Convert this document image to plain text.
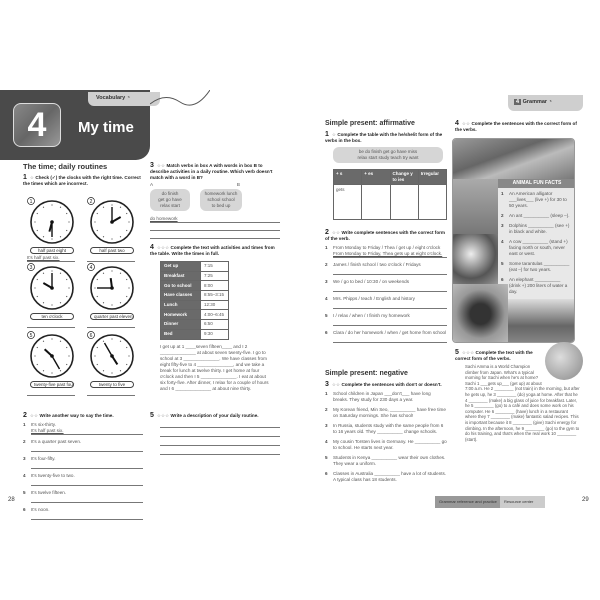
Vocabulary ◔
4	My time
The time; daily routines
1 ☆ Check (✓) the clocks with the right time. Correct the times which are incorrect.
1
half past eight
It's half past six.
2
half past two
3
ten o'clock
4
quarter past eleven
5
twenty-five past four
6
twenty to five
2 ☆☆ Write another way to say the time.
1	It's six-thirty.
It's half past six.
2	It's a quarter past seven.
3	It's four-fifty.
4	It's twenty-five to two.
5	It's twelve fifteen.
6	It's noon.
3 ☆☆ Match verbs in box A with words in box B to describe activities in a daily routine. Which verb doesn't match with a word in B?
A	B
do finish
get go have
relax start
homework lunch
school school
to bed up
do homework
4 ☆☆☆ Complete the text with activities and times from the table. Write the times in full.
Get up	7:15
Breakfast	7:25
Go to school	8:00
Have classes	8:55–3:15
Lunch	12:30
Homework	4:00–6:45
Dinner	6:50
Bed	9:30
I get up at 1 ____seven fifteen____ and I 2 ______________ at about seven twenty-five. I go to school at 3 ______________. We have classes from eight fifty-five to 4 ______________, and we take a break for lunch at twelve thirty. I get home at four o'clock and then I 5 ______________. I eat at about six forty-five. After dinner, I relax for a couple of hours and I 6 ______________ at about nine thirty.
5 ☆☆☆ Write a description of your daily routine.
28
4 Grammar ◔
Simple present: affirmative
1 ☆ Complete the table with the he/she/it form of the verbs in the box.
be do finish get go have miss
relax start study teach try want
+ s	+ es	Change y to ies	Irregular
gets			
2 ☆☆ Write complete sentences with the correct form of the verb.
1	From Monday to Friday / Thea / get up / eight o'clock
From Monday to Friday, Thea gets up at eight o'clock.
2	James / finish school / two o'clock / Fridays
3	We / go to bed / 10:30 / on weekends
4	Mrs. Phipps / teach / English and history
5	I / relax / when / I finish my homework
6	Clara / do her homework / when / get home from school
Simple present: negative
3 ☆☆ Complete the sentences with don't or doesn't.
1	School children in Japan ___don't___ have long breaks. They study for 230 days a year.
2	My Korean friend, Min Seo, __________ have free time on Saturday mornings. She has school!
3	In Russia, students study with the same people from 6 to 16 years old. They __________ change schools.
4	My cousin Torsten lives in Germany. He __________ go to school. He starts next year.
5	Students in Kenya __________ wear their own clothes. They wear a uniform.
6	Classes in Australia __________ have a lot of students. A typical class has 18 students.
4 ☆☆ Complete the sentences with the correct form of the verbs.
ANIMAL FUN FACTS
1	An American alligator ___lives___ (live +) for 30 to 50 years.
2	An ant __________ (sleep –).
3	Dolphins __________ (see +) in black and white.
4	A cow __________ (stand +) facing north or south, never east or west.
5	Some tarantulas __________ (eat –) for two years.
6	An elephant __________ (drink +) 200 liters of water a day.
5 ☆☆☆ Complete the text with the correct form of the verbs.
Sachi Amma is a World Champion climber from Japan. What's a typical morning for Sachi when he's at home? Sachi 1 ___gets up___ (get up) at about 7:00 a.m. He 2 ________ (not train) in the morning, but after he gets up, he 3 ________ (do) yoga at home. After that he 4 ________ (make) a big glass of juice for breakfast. Later, he 5 ________ (go) to a café and does some work on his computer. He 6 ________ (have) lunch in a restaurant where they 7 ________ (make) fantastic salad recipes. This is important because it 8 ________ (give) Sachi energy for climbing. In the afternoon, he 9 ________ (go) to the gym to do his training, and that's when the real work 10 ________ (start).
Grammar reference and practice	Resource center	29
